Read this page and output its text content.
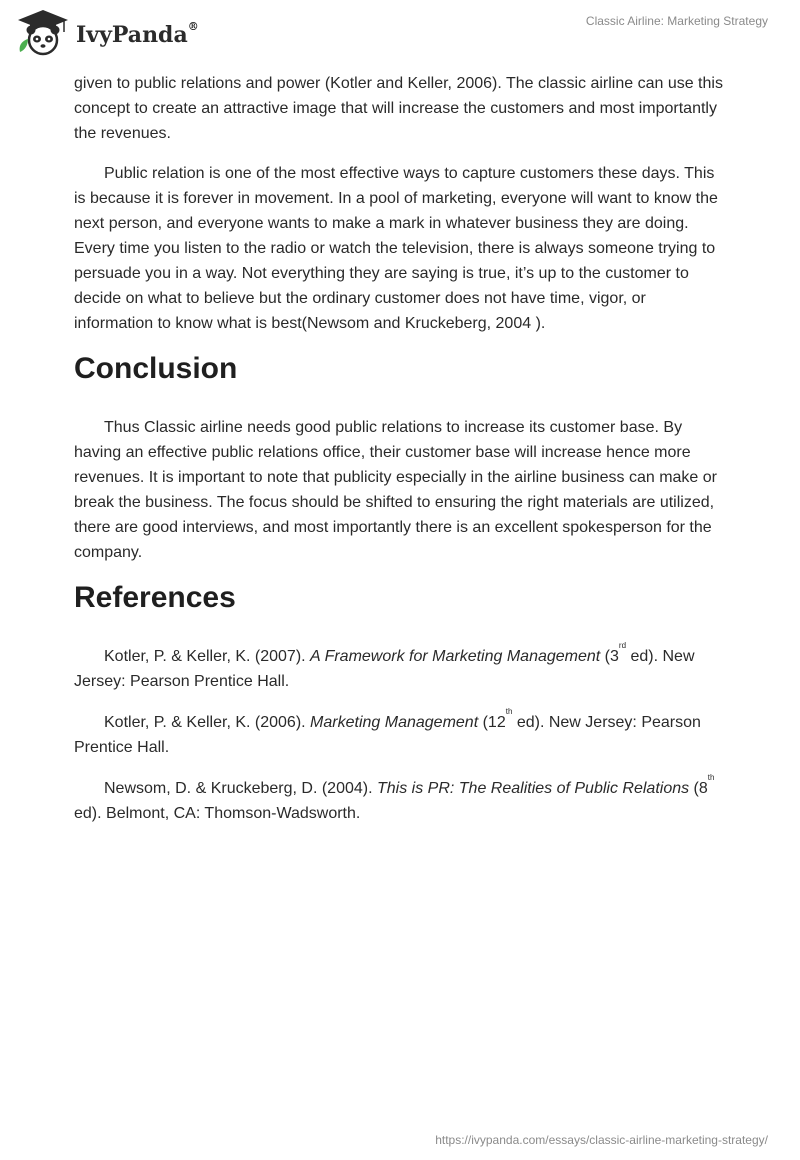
IvyPanda®	Classic Airline: Marketing Strategy

given to public relations and power (Kotler and Keller, 2006). The classic airline can use this concept to create an attractive image that will increase the customers and most importantly the revenues.

Public relation is one of the most effective ways to capture customers these days. This is because it is forever in movement. In a pool of marketing, everyone will want to know the next person, and everyone wants to make a mark in whatever business they are doing. Every time you listen to the radio or watch the television, there is always someone trying to persuade you in a way. Not everything they are saying is true, it’s up to the customer to decide on what to believe but the ordinary customer does not have time, vigor, or information to know what is best(Newsom and Kruckeberg, 2004 ).

Conclusion

Thus Classic airline needs good public relations to increase its customer base. By having an effective public relations office, their customer base will increase hence more revenues. It is important to note that publicity especially in the airline business can make or break the business. The focus should be shifted to ensuring the right materials are utilized, there are good interviews, and most importantly there is an excellent spokesperson for the company.

References

Kotler, P. & Keller, K. (2007). A Framework for Marketing Management (3rd ed). New Jersey: Pearson Prentice Hall.

Kotler, P. & Keller, K. (2006). Marketing Management (12th ed). New Jersey: Pearson Prentice Hall.

Newsom, D. & Kruckeberg, D. (2004). This is PR: The Realities of Public Relations (8th ed). Belmont, CA: Thomson-Wadsworth.

https://ivypanda.com/essays/classic-airline-marketing-strategy/
